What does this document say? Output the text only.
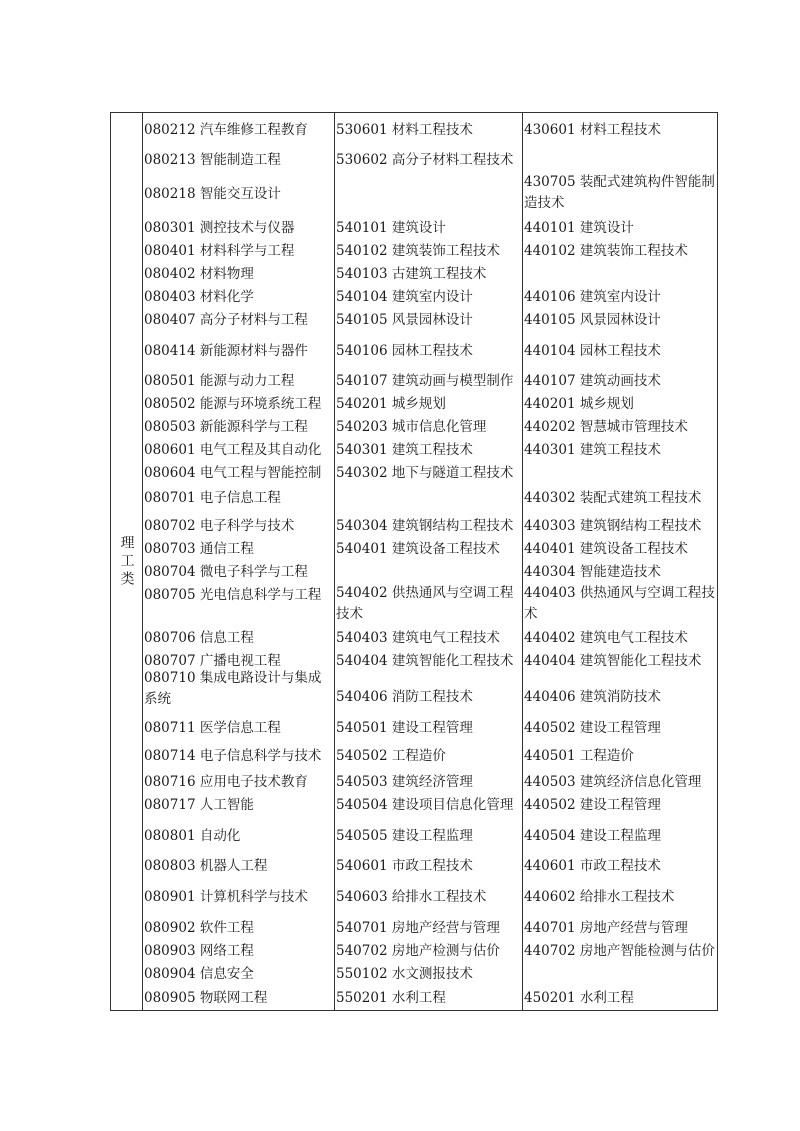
理工类
080212 汽车维修工程教育
080213 智能制造工程
080218 智能交互设计
080301 测控技术与仪器
080401 材料科学与工程
080402 材料物理
080403 材料化学
080407 高分子材料与工程
080414 新能源材料与器件
080501 能源与动力工程
080502 能源与环境系统工程
080503 新能源科学与工程
080601 电气工程及其自动化
080604 电气工程与智能控制
080701 电子信息工程
080702 电子科学与技术
080703 通信工程
080704 微电子科学与工程
080705 光电信息科学与工程
080706 信息工程
080707 广播电视工程
080710 集成电路设计与集成系统
080711 医学信息工程
080714 电子信息科学与技术
080716 应用电子技术教育
080717 人工智能
080801 自动化
080803 机器人工程
080901 计算机科学与技术
080902 软件工程
080903 网络工程
080904 信息安全
080905 物联网工程
530601 材料工程技术
530602 高分子材料工程技术
540101 建筑设计
540102 建筑装饰工程技术
540103 古建筑工程技术
540104 建筑室内设计
540105 风景园林设计
540106 园林工程技术
540107 建筑动画与模型制作
540201 城乡规划
540203 城市信息化管理
540301 建筑工程技术
540302 地下与隧道工程技术
540304 建筑钢结构工程技术
540401 建筑设备工程技术
540402 供热通风与空调工程技术
540403 建筑电气工程技术
540404 建筑智能化工程技术
540406 消防工程技术
540501 建设工程管理
540502 工程造价
540503 建筑经济管理
540504 建设项目信息化管理
540505 建设工程监理
540601 市政工程技术
540603 给排水工程技术
540701 房地产经营与管理
540702 房地产检测与估价
550102 水文测报技术
550201 水利工程
430601 材料工程技术
430705 装配式建筑构件智能制造技术
440101 建筑设计
440102 建筑装饰工程技术
440106 建筑室内设计
440105 风景园林设计
440104 园林工程技术
440107 建筑动画技术
440201 城乡规划
440202 智慧城市管理技术
440301 建筑工程技术
440302 装配式建筑工程技术
440303 建筑钢结构工程技术
440401 建筑设备工程技术
440304 智能建造技术
440403 供热通风与空调工程技术
440402 建筑电气工程技术
440404 建筑智能化工程技术
440406 建筑消防技术
440502 建设工程管理
440501 工程造价
440503 建筑经济信息化管理
440502 建设工程管理
440504 建设工程监理
440601 市政工程技术
440602 给排水工程技术
440701 房地产经营与管理
440702 房地产智能检测与估价
450201 水利工程
